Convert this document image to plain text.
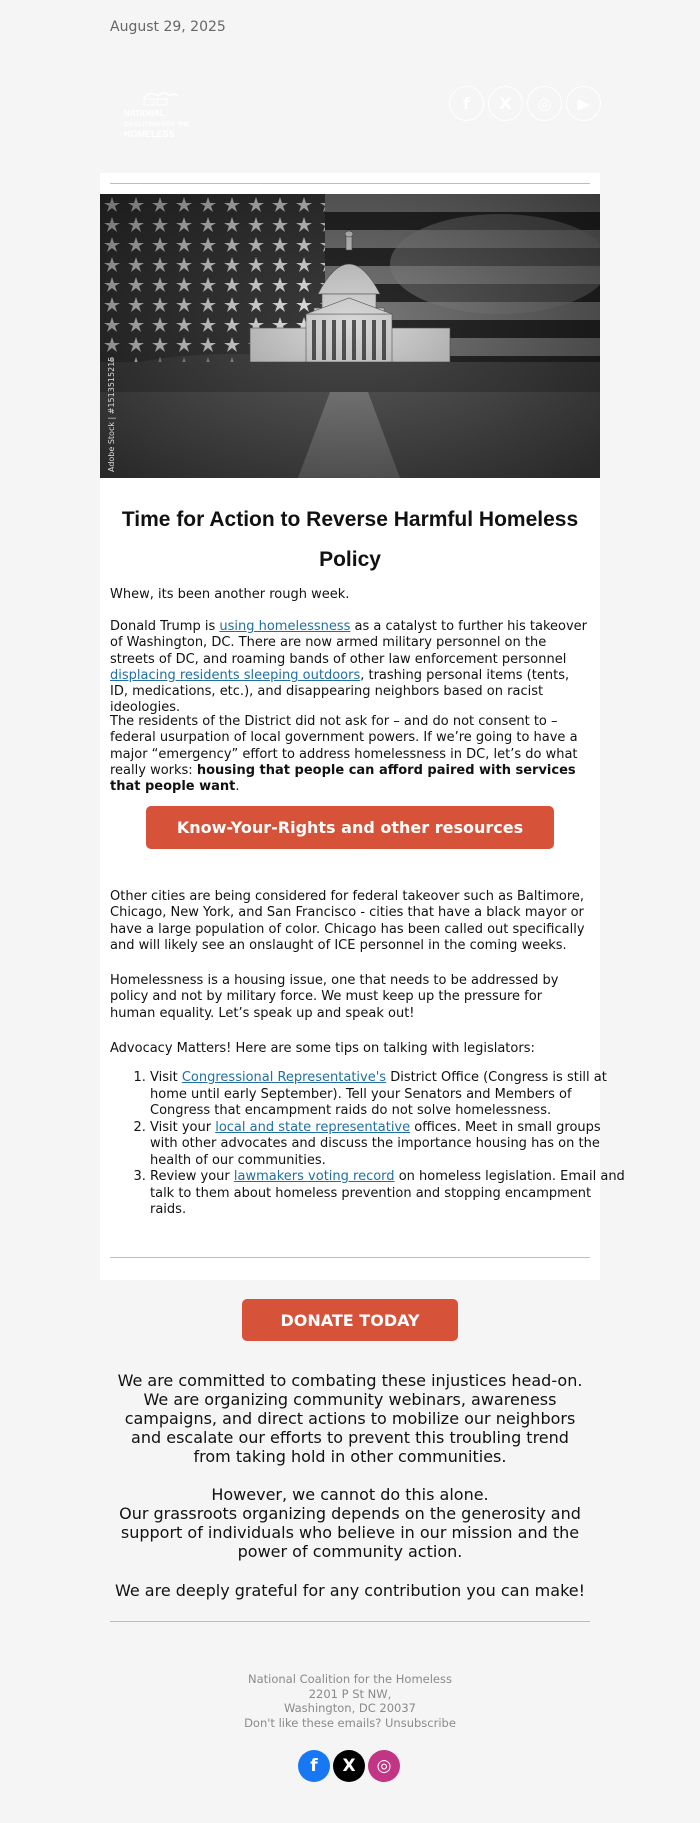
August 29, 2025
NATIONAL
COALITION FOR THE
HOMELESS
f	X	◎	▶
Adobe Stock | #1513515215
Time for Action to Reverse Harmful Homeless Policy
Whew, its been another rough week.
Donald Trump is using homelessness as a catalyst to further his takeover of Washington, DC. There are now armed military personnel on the streets of DC, and roaming bands of other law enforcement personnel displacing residents sleeping outdoors, trashing personal items (tents, ID, medications, etc.), and disappearing neighbors based on racist ideologies.
The residents of the District did not ask for – and do not consent to – federal usurpation of local government powers. If we’re going to have a major “emergency” effort to address homelessness in DC, let’s do what really works: housing that people can afford paired with services that people want.
Know-Your-Rights and other resources
Other cities are being considered for federal takeover such as Baltimore, Chicago, New York, and San Francisco - cities that have a black mayor or have a large population of color. Chicago has been called out specifically and will likely see an onslaught of ICE personnel in the coming weeks.
Homelessness is a housing issue, one that needs to be addressed by policy and not by military force. We must keep up the pressure for human equality. Let’s speak up and speak out!
Advocacy Matters! Here are some tips on talking with legislators:
1. Visit Congressional Representative's District Office (Congress is still at home until early September). Tell your Senators and Members of Congress that encampment raids do not solve homelessness.
2. Visit your local and state representative offices. Meet in small groups with other advocates and discuss the importance housing has on the health of our communities.
3. Review your lawmakers voting record on homeless legislation. Email and talk to them about homeless prevention and stopping encampment raids.
DONATE TODAY
We are committed to combating these injustices head-on. We are organizing community webinars, awareness campaigns, and direct actions to mobilize our neighbors and escalate our efforts to prevent this troubling trend from taking hold in other communities.
However, we cannot do this alone.
Our grassroots organizing depends on the generosity and support of individuals who believe in our mission and the power of community action.
We are deeply grateful for any contribution you can make!
National Coalition for the Homeless
2201 P St NW,
Washington, DC 20037
Don't like these emails? Unsubscribe
f	X	◎
